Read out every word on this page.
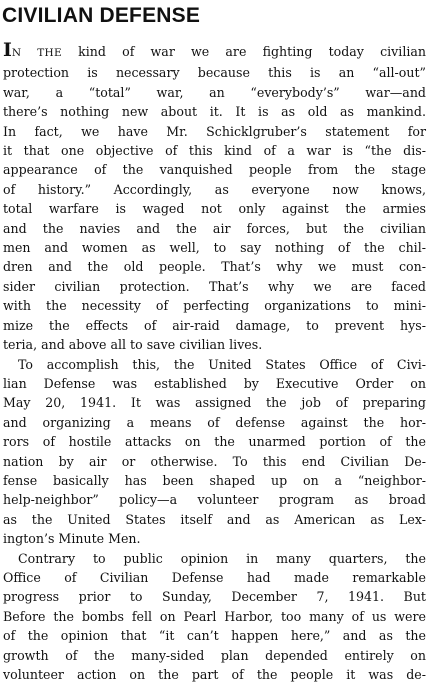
CIVILIAN DEFENSE
IN THE kind of war we are fighting today civilian
protection is necessary because this is an “all-out”
war, a “total” war, an “everybody’s” war—and
there’s nothing new about it. It is as old as mankind.
In fact, we have Mr. Schicklgruber’s statement for
it that one objective of this kind of a war is “the dis-
appearance of the vanquished people from the stage
of history.” Accordingly, as everyone now knows,
total warfare is waged not only against the armies
and the navies and the air forces, but the civilian
men and women as well, to say nothing of the chil-
dren and the old people. That’s why we must con-
sider civilian protection. That’s why we are faced
with the necessity of perfecting organizations to mini-
mize the effects of air-raid damage, to prevent hys-
teria, and above all to save civilian lives.
To accomplish this, the United States Office of Civi-
lian Defense was established by Executive Order on
May 20, 1941. It was assigned the job of preparing
and organizing a means of defense against the hor-
rors of hostile attacks on the unarmed portion of the
nation by air or otherwise. To this end Civilian De-
fense basically has been shaped up on a “neighbor-
help-neighbor” policy—a volunteer program as broad
as the United States itself and as American as Lex-
ington’s Minute Men.
Contrary to public opinion in many quarters, the
Office of Civilian Defense had made remarkable
progress prior to Sunday, December 7, 1941. But
Before the bombs fell on Pearl Harbor, too many of us were
of the opinion that “it can’t happen here,” and as the
growth of the many-sided plan depended entirely on
volunteer action on the part of the people it was de-
